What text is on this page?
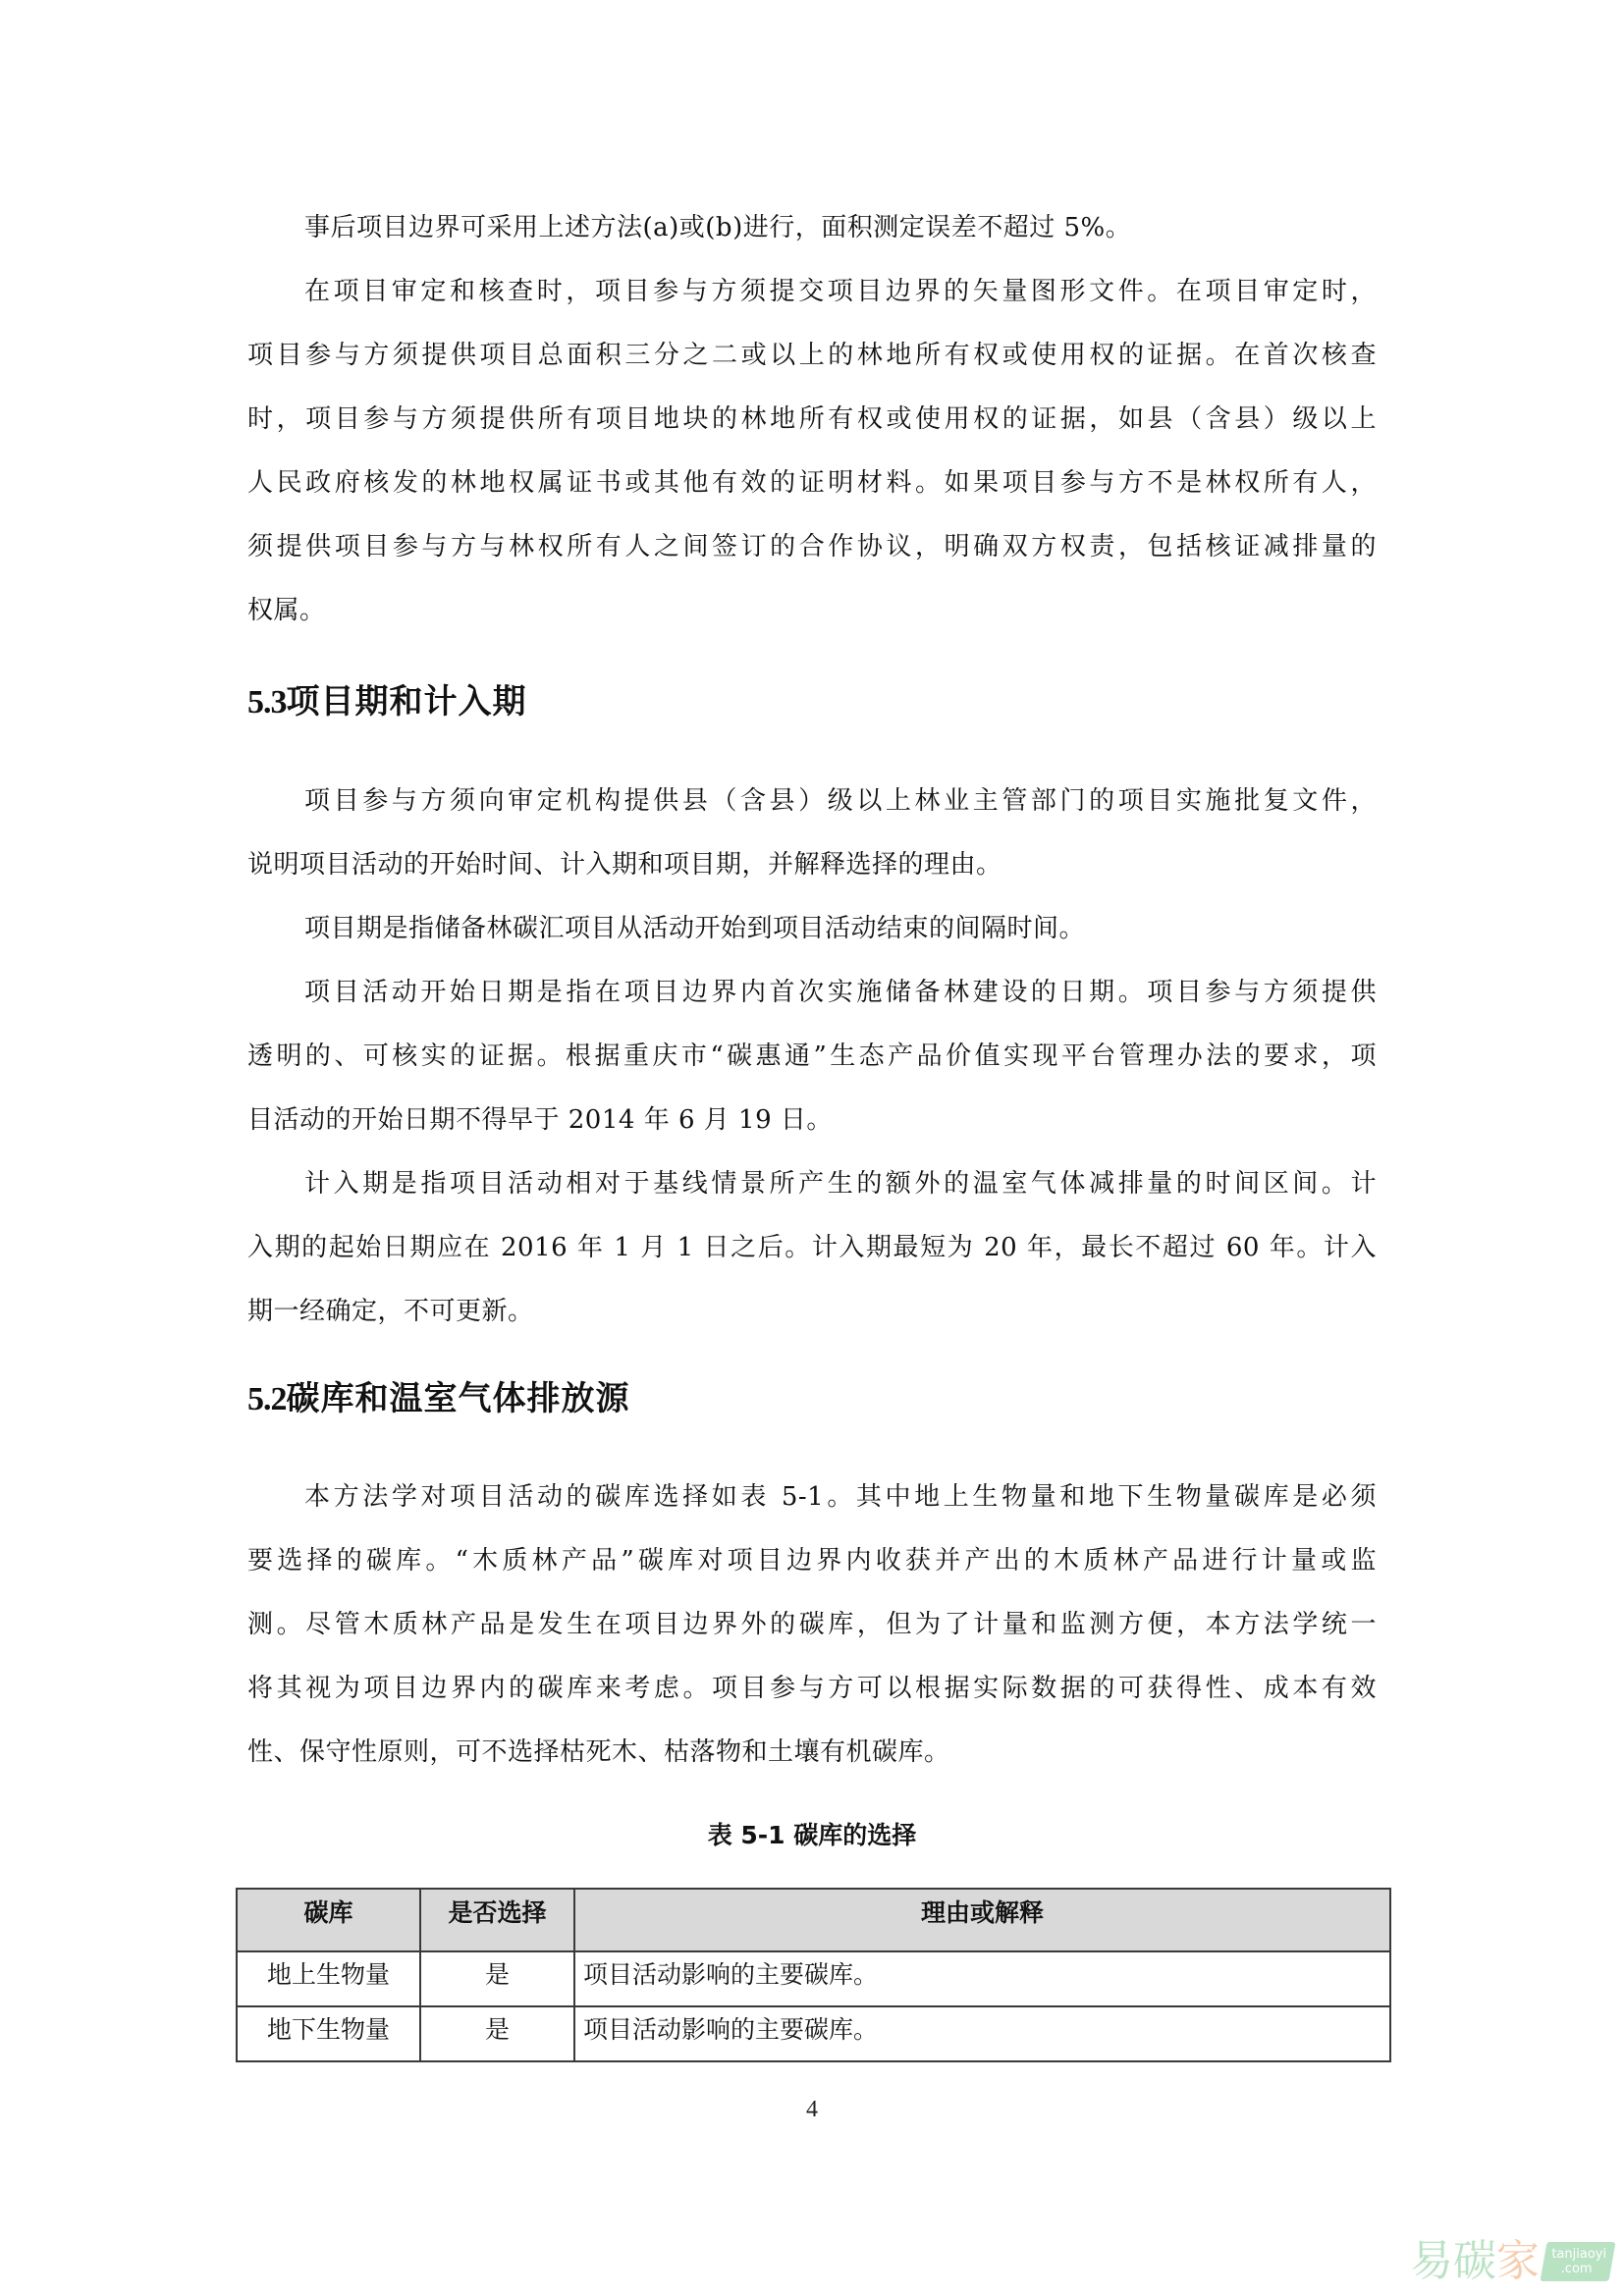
事后项目边界可采用上述方法(a)或(b)进行，面积测定误差不超过 5%。
在项目审定和核查时，项目参与方须提交项目边界的矢量图形文件。在项目审定时，
项目参与方须提供项目总面积三分之二或以上的林地所有权或使用权的证据。在首次核查
时，项目参与方须提供所有项目地块的林地所有权或使用权的证据，如县（含县）级以上
人民政府核发的林地权属证书或其他有效的证明材料。如果项目参与方不是林权所有人，
须提供项目参与方与林权所有人之间签订的合作协议，明确双方权责，包括核证减排量的
权属。
5.3项目期和计入期
项目参与方须向审定机构提供县（含县）级以上林业主管部门的项目实施批复文件，
说明项目活动的开始时间、计入期和项目期，并解释选择的理由。
项目期是指储备林碳汇项目从活动开始到项目活动结束的间隔时间。
项目活动开始日期是指在项目边界内首次实施储备林建设的日期。项目参与方须提供
透明的、可核实的证据。根据重庆市“碳惠通”生态产品价值实现平台管理办法的要求，项
目活动的开始日期不得早于 2014 年 6 月 19 日。
计入期是指项目活动相对于基线情景所产生的额外的温室气体减排量的时间区间。计
入期的起始日期应在 2016 年 1 月 1 日之后。计入期最短为 20 年，最长不超过 60 年。计入
期一经确定，不可更新。
5.2碳库和温室气体排放源
本方法学对项目活动的碳库选择如表 5-1。其中地上生物量和地下生物量碳库是必须
要选择的碳库。“木质林产品”碳库对项目边界内收获并产出的木质林产品进行计量或监
测。尽管木质林产品是发生在项目边界外的碳库，但为了计量和监测方便，本方法学统一
将其视为项目边界内的碳库来考虑。项目参与方可以根据实际数据的可获得性、成本有效
性、保守性原则，可不选择枯死木、枯落物和土壤有机碳库。
表 5-1 碳库的选择
碳库	是否选择	理由或解释
地上生物量	是	项目活动影响的主要碳库。
地下生物量	是	项目活动影响的主要碳库。
4
易 碳 家 tanjiaoyi
.com
